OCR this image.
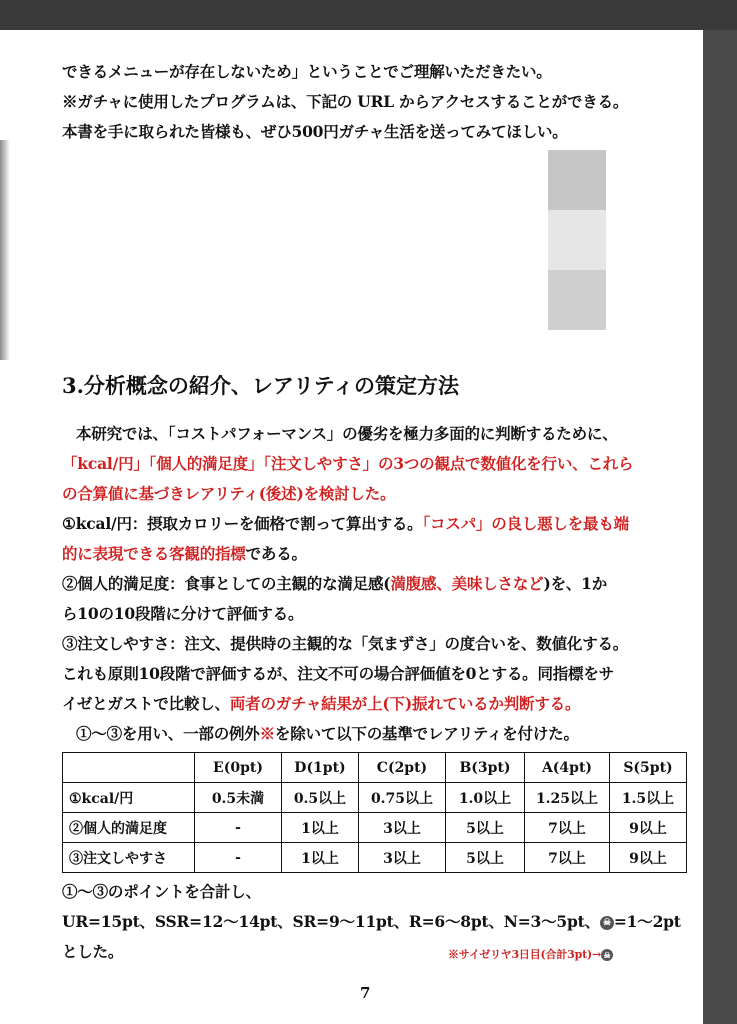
できるメニューが存在しないため」ということでご理解いただきたい。
※ガチャに使用したプログラムは、下記の URL からアクセスすることができる。
本書を手に取られた皆様も、ぜひ500円ガチャ生活を送ってみてほしい。
3.分析概念の紹介、レアリティの策定方法
本研究では、「コストパフォーマンス」の優劣を極力多面的に判断するために、
「kcal/円」「個人的満足度」「注文しやすさ」の3つの観点で数値化を行い、これら
の合算値に基づきレアリティ(後述)を検討した。
①kcal/円：摂取カロリーを価格で割って算出する。「コスパ」の良し悪しを最も端
的に表現できる客観的指標である。
②個人的満足度：食事としての主観的な満足感(満腹感、美味しさなど)を、1か
ら10の10段階に分けて評価する。
③注文しやすさ：注文、提供時の主観的な「気まずさ」の度合いを、数値化する。
これも原則10段階で評価するが、注文不可の場合評価値を0とする。同指標をサ
イゼとガストで比較し、両者のガチャ結果が上(下)振れているか判断する。
①～③を用い、一部の例外※を除いて以下の基準でレアリティを付けた。
	E(0pt)	D(1pt)	C(2pt)	B(3pt)	A(4pt)	S(5pt)
①kcal/円	0.5未満	0.5以上	0.75以上	1.0以上	1.25以上	1.5以上
②個人的満足度	-	1以上	3以上	5以上	7以上	9以上
③注文しやすさ	-	1以上	3以上	5以上	7以上	9以上
①～③のポイントを合計し、
UR=15pt、SSR=12～14pt、SR=9～11pt、R=6～8pt、N=3～5pt、 ☠ =1～2pt
とした。	※サイゼリヤ3日目(合計3pt)→ ☠
7
